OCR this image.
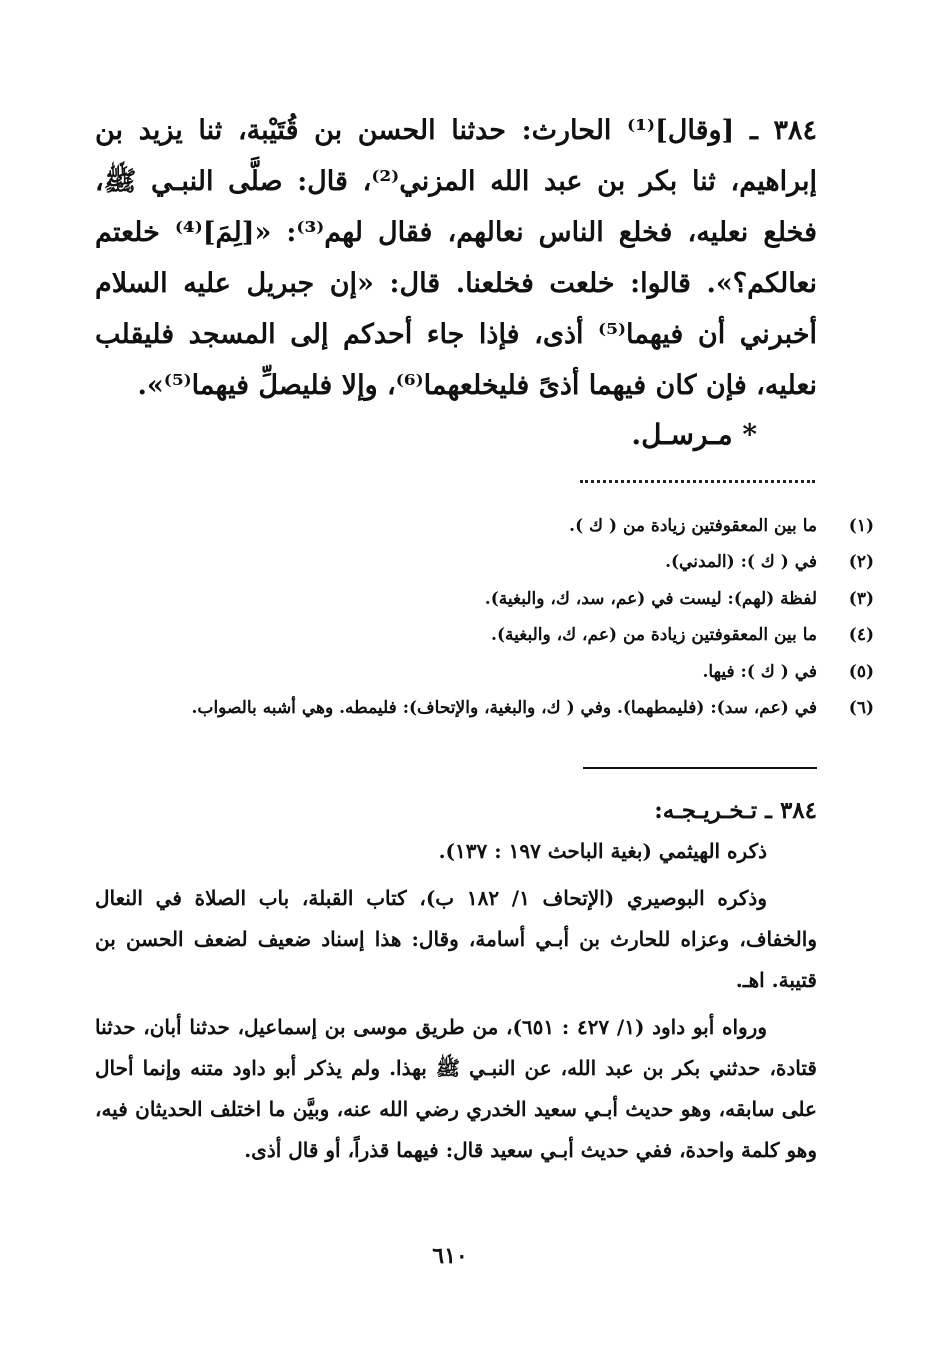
٣٨٤ ـ [وقال]⁽¹⁾ الحارث: حدثنا الحسن بن قُتَيْبة، ثنا يزيد بن إبراهيم، ثنا بكر بن عبد الله المزني⁽²⁾، قال: صلَّى النبـي ﷺ، فخلع نعليه، فخلع الناس نعالهم، فقال لهم⁽³⁾: «[لِمَ]⁽⁴⁾ خلعتم نعالكم؟». قالوا: خلعت فخلعنا. قال: «إن جبريل عليه السلام أخبرني أن فيهما⁽⁵⁾ أذى، فإذا جاء أحدكم إلى المسجد فليقلب نعليه، فإن كان فيهما أذىً فليخلعهما⁽⁶⁾، وإلا فليصلِّ فيهما⁽⁵⁾».

* مـرسـل.

(١)
ما بين المعقوفتين زيادة من ( ك ).

(٢)
في ( ك ): (المدني).

(٣)
لفظة (لهم): ليست في (عم، سد، ك، والبغية).

(٤)
ما بين المعقوفتين زيادة من (عم، ك، والبغية).

(٥)
في ( ك ): فيها.

(٦)
في (عم، سد): (فليمطهما). وفي ( ك، والبغية، والإتحاف): فليمطه. وهي أشبه بالصواب.

٣٨٤ ـ تـخـريـجـه:

ذكره الهيثمي (بغية الباحث ١٩٧ : ١٣٧).

وذكره البوصيري (الإتحاف ١/ ١٨٢ ب)، كتاب القبلة، باب الصلاة في النعال والخفاف، وعزاه للحارث بن أبـي أسامة، وقال: هذا إسناد ضعيف لضعف الحسن بن قتيبة. اهـ.

ورواه أبو داود (١/ ٤٢٧ : ٦٥١)، من طريق موسى بن إسماعيل، حدثنا أبان، حدثنا قتادة، حدثني بكر بن عبد الله، عن النبـي ﷺ بهذا. ولم يذكر أبو داود متنه وإنما أحال على سابقه، وهو حديث أبـي سعيد الخدري رضي الله عنه، وبيَّن ما اختلف الحديثان فيه، وهو كلمة واحدة، ففي حديث أبـي سعيد قال: فيهما قذراً، أو قال أذى.

٦١٠
